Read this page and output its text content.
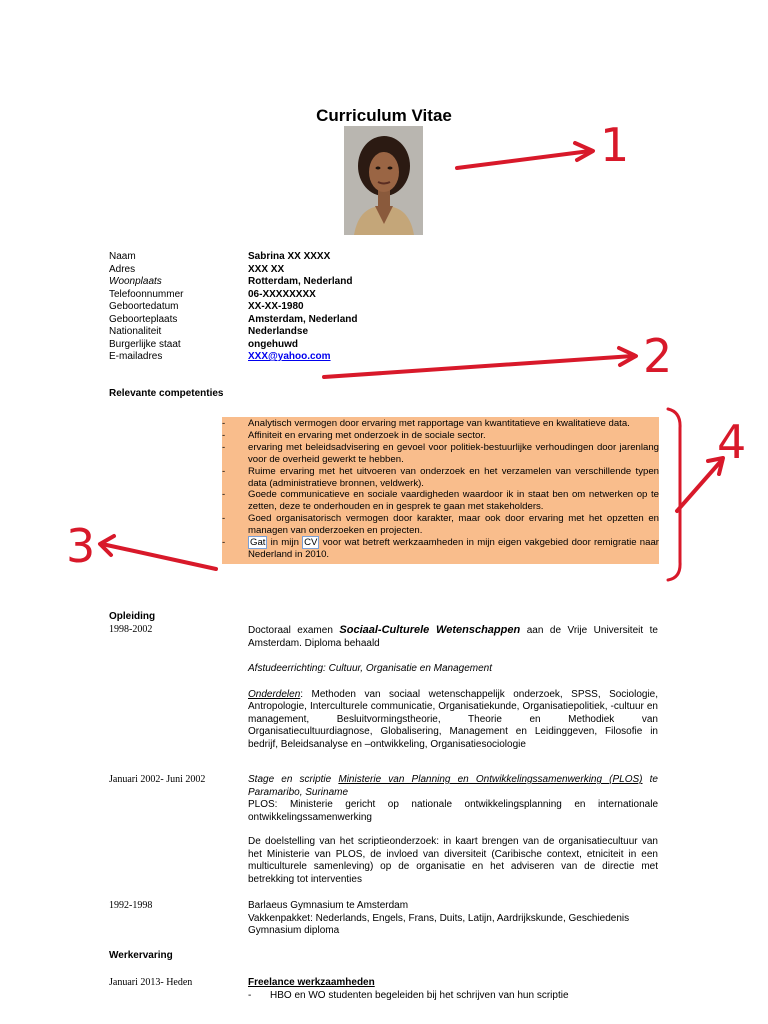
Curriculum Vitae
Naam	Sabrina XX XXXX
Adres	XXX XX
Woonplaats	Rotterdam, Nederland
Telefoonnummer	06-XXXXXXXX
Geboortedatum	XX-XX-1980
Geboorteplaats	Amsterdam, Nederland
Nationaliteit	Nederlandse
Burgerlijke staat	ongehuwd
E-mailadres	XXX@yahoo.com
Relevante competenties
-	Analytisch vermogen door ervaring met rapportage van kwantitatieve en kwalitatieve data.
-	Affiniteit en ervaring met onderzoek in de sociale sector.
-	ervaring met beleidsadvisering en gevoel voor politiek-bestuurlijke verhoudingen door jarenlang voor de overheid gewerkt te hebben.
-	Ruime ervaring met het uitvoeren van onderzoek en het verzamelen van verschillende typen data (administratieve bronnen, veldwerk).
-	Goede communicatieve en sociale vaardigheden waardoor ik in staat ben om netwerken op te zetten, deze te onderhouden en in gesprek te gaan met stakeholders.
-	Goed organisatorisch vermogen door karakter, maar ook door ervaring met het opzetten en managen van onderzoeken en projecten.
-	Gat in mijn CV voor wat betreft werkzaamheden in mijn eigen vakgebied door remigratie naar Nederland in 2010.
Opleiding
1998-2002	Doctoraal examen Sociaal-Culturele Wetenschappen aan de Vrije Universiteit te Amsterdam. Diploma behaald

Afstudeerrichting: Cultuur, Organisatie en Management

Onderdelen: Methoden van sociaal wetenschappelijk onderzoek, SPSS, Sociologie, Antropologie, Interculturele communicatie, Organisatiekunde, Organisatiepolitiek, -cultuur en management, Besluitvormingstheorie, Theorie en Methodiek van Organisatiecultuurdiagnose, Globalisering, Management en Leidinggeven, Filosofie in bedrijf, Beleidsanalyse en –ontwikkeling, Organisatiesociologie

Januari 2002- Juni 2002	Stage en scriptie Ministerie van Planning en Ontwikkelingssamenwerking (PLOS) te Paramaribo, Suriname

PLOS: Ministerie gericht op nationale ontwikkelingsplanning en internationale ontwikkelingssamenwerking

De doelstelling van het scriptieonderzoek: in kaart brengen van de organisatiecultuur van het Ministerie van PLOS, de invloed van diversiteit (Caribische context, etniciteit in een multiculturele samenleving) op de organisatie en het adviseren van de directie met betrekking tot interventies

1992-1998	Barlaeus Gymnasium te Amsterdam

Vakkenpakket: Nederlands, Engels, Frans, Duits, Latijn, Aardrijkskunde, Geschiedenis

Gymnasium diploma

Werkervaring
Januari 2013- Heden	Freelance werkzaamheden

- HBO en WO studenten begeleiden bij het schrijven van hun scriptie

1
2
3
4
